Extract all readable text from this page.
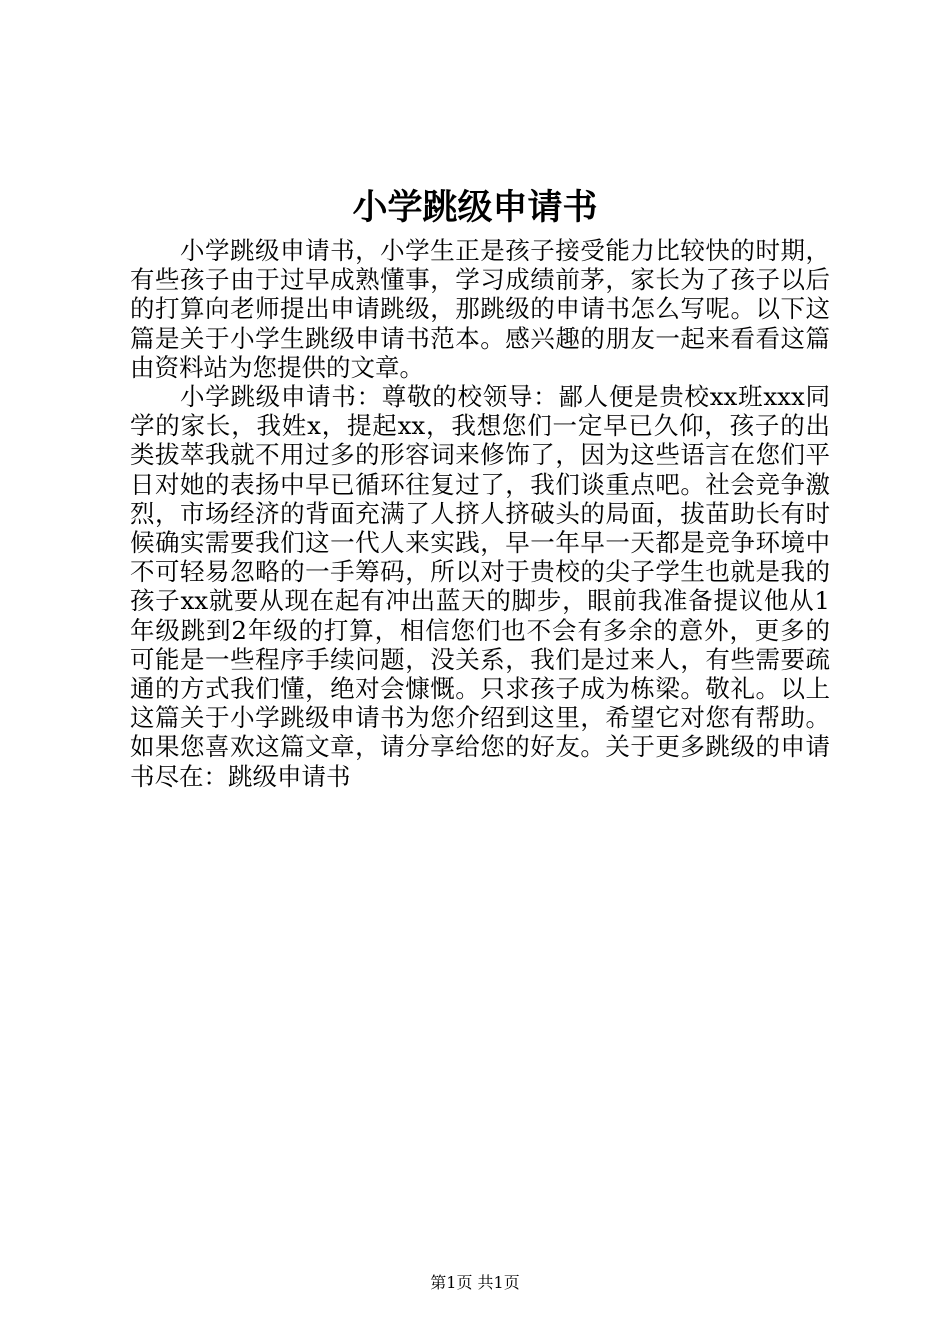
小学跳级申请书

小学跳级申请书，小学生正是孩子接受能力比较快的时期，有些孩子由于过早成熟懂事，学习成绩前茅，家长为了孩子以后的打算向老师提出申请跳级，那跳级的申请书怎么写呢。以下这篇是关于小学生跳级申请书范本。感兴趣的朋友一起来看看这篇由资料站为您提供的文章。

小学跳级申请书：尊敬的校领导：鄙人便是贵校xx班xxx同学的家长，我姓x，提起xx，我想您们一定早已久仰，孩子的出类拔萃我就不用过多的形容词来修饰了，因为这些语言在您们平日对她的表扬中早已循环往复过了，我们谈重点吧。社会竞争激烈，市场经济的背面充满了人挤人挤破头的局面，拔苗助长有时候确实需要我们这一代人来实践，早一年早一天都是竞争环境中不可轻易忽略的一手筹码，所以对于贵校的尖子学生也就是我的孩子xx就要从现在起有冲出蓝天的脚步，眼前我准备提议他从1年级跳到2年级的打算，相信您们也不会有多余的意外，更多的可能是一些程序手续问题，没关系，我们是过来人，有些需要疏通的方式我们懂，绝对会慷慨。只求孩子成为栋梁。敬礼。以上这篇关于小学跳级申请书为您介绍到这里，希望它对您有帮助。如果您喜欢这篇文章，请分享给您的好友。关于更多跳级的申请书尽在：跳级申请书

第1页 共1页
